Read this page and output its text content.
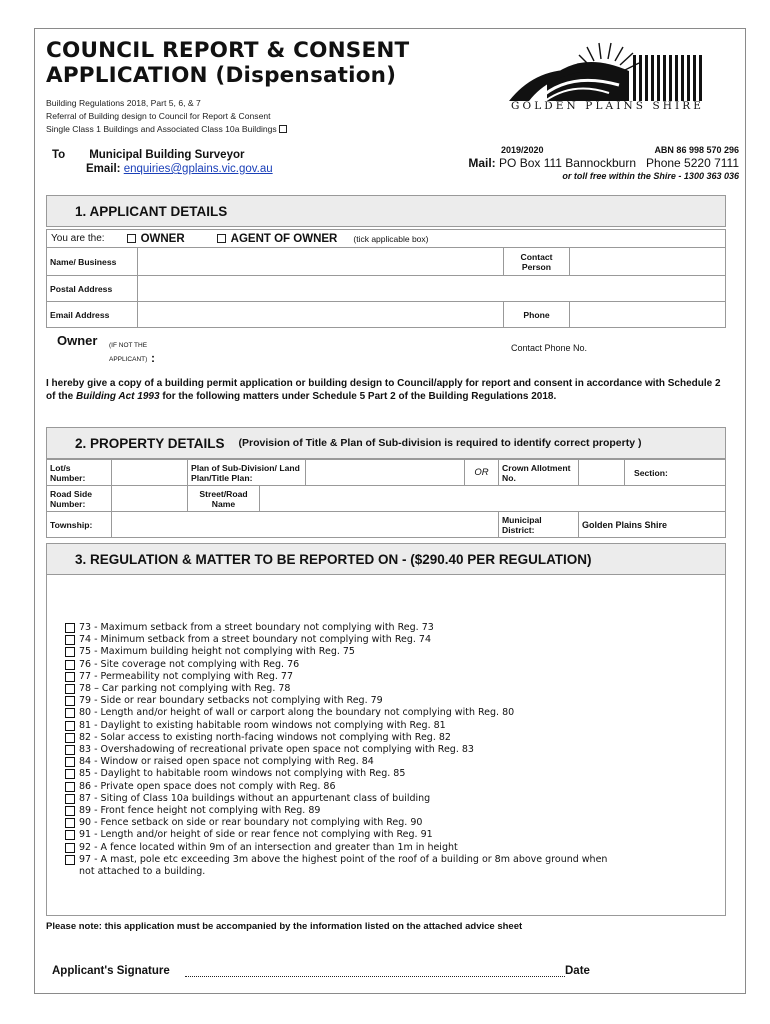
COUNCIL REPORT & CONSENT
APPLICATION (Dispensation)
Building Regulations 2018, Part 5, 6, & 7
Referral of Building design to Council for Report & Consent
Single Class 1 Buildings and Associated Class 10a Buildings
GOLDEN PLAINS SHIRE
To Municipal Building Surveyor
Email: enquiries@gplains.vic.gov.au
2019/2020	ABN 86 998 570 296
Mail: PO Box 111 Bannockburn Phone 5220 7111
or toll free within the Shire - 1300 363 036
1. APPLICANT DETAILS
You are the:	OWNER	AGENT OF OWNER (tick applicable box)
Name/ Business		Contact Person	
Postal Address			
Email Address		Phone	
Owner (IF NOT THE APPLICANT) :
Contact Phone No.
I hereby give a copy of a building permit application or building design to Council/apply for report and consent in accordance with Schedule 2 of the Building Act 1993 for the following matters under Schedule 5 Part 2 of the Building Regulations 2018.
2. PROPERTY DETAILS (Provision of Title & Plan of Sub-division is required to identify correct property )
Lot/s Number:		Plan of Sub-Division/ Land Plan/Title Plan:			OR	Crown Allotment No.		Section:
Road Side Number:		Street/Road Name						
Township:						Municipal District:	Golden Plains Shire	
3. REGULATION & MATTER TO BE REPORTED ON - ($290.40 PER REGULATION)
73 - Maximum setback from a street boundary not complying with Reg. 73
74 - Minimum setback from a street boundary not complying with Reg. 74
75 - Maximum building height not complying with Reg. 75
76 - Site coverage not complying with Reg. 76
77 - Permeability not complying with Reg. 77
78 – Car parking not complying with Reg. 78
79 - Side or rear boundary setbacks not complying with Reg. 79
80 - Length and/or height of wall or carport along the boundary not complying with Reg. 80
81 - Daylight to existing habitable room windows not complying with Reg. 81
82 - Solar access to existing north-facing windows not complying with Reg. 82
83 - Overshadowing of recreational private open space not complying with Reg. 83
84 - Window or raised open space not complying with Reg. 84
85 - Daylight to habitable room windows not complying with Reg. 85
86 - Private open space does not comply with Reg. 86
87 - Siting of Class 10a buildings without an appurtenant class of building
89 - Front fence height not complying with Reg. 89
90 - Fence setback on side or rear boundary not complying with Reg. 90
91 - Length and/or height of side or rear fence not complying with Reg. 91
92 - A fence located within 9m of an intersection and greater than 1m in height
97 - A mast, pole etc exceeding 3m above the highest point of the roof of a building or 8m above ground when not attached to a building.
Please note: this application must be accompanied by the information listed on the attached advice sheet
Applicant's Signature	Date
